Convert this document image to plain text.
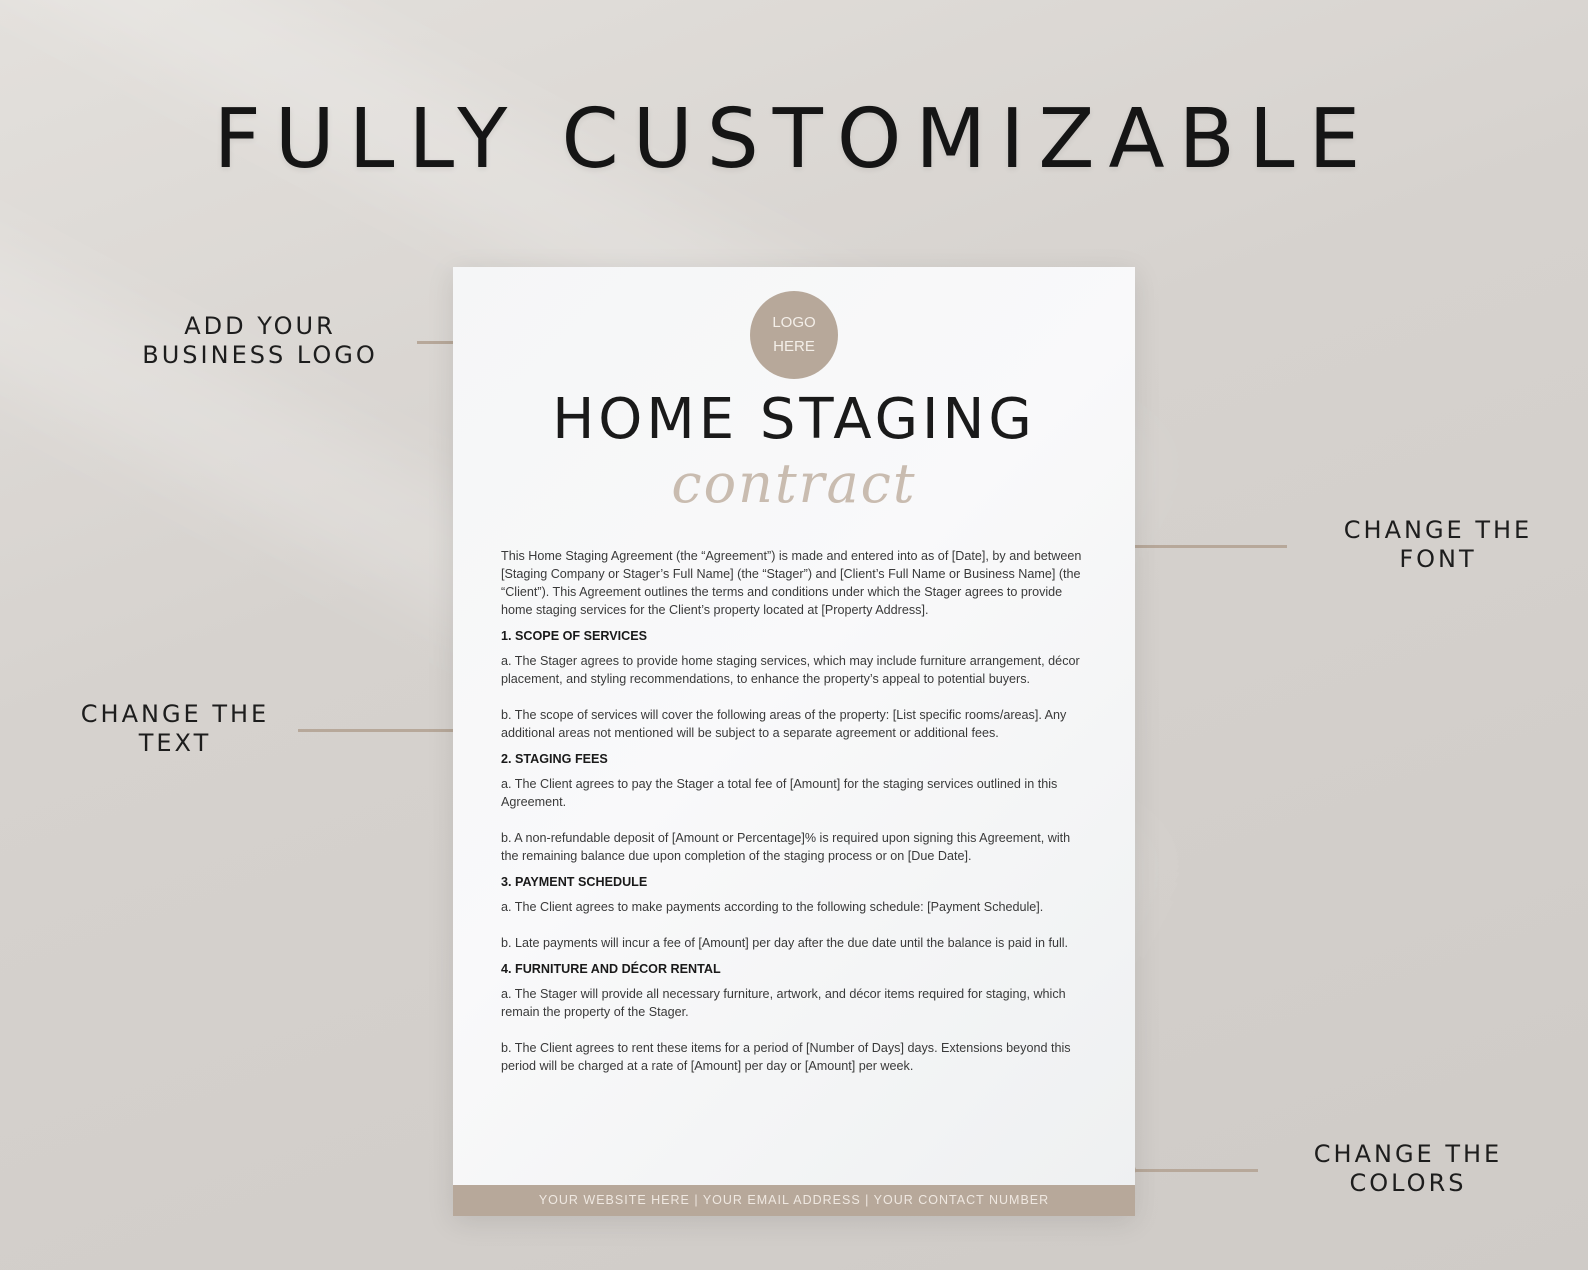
FULLY CUSTOMIZABLE
ADD YOUR
BUSINESS LOGO
CHANGE THE
FONT
CHANGE THE
TEXT
CHANGE THE
COLORS
LOGO
HERE
HOME STAGING
contract

This Home Staging Agreement (the “Agreement”) is made and entered into as of [Date], by and between [Staging Company or Stager’s Full Name] (the “Stager”) and [Client’s Full Name or Business Name] (the “Client”). This Agreement outlines the terms and conditions under which the Stager agrees to provide home staging services for the Client’s property located at [Property Address].

1. SCOPE OF SERVICES

a. The Stager agrees to provide home staging services, which may include furniture arrangement, décor placement, and styling recommendations, to enhance the property’s appeal to potential buyers.

b. The scope of services will cover the following areas of the property: [List specific rooms/areas]. Any additional areas not mentioned will be subject to a separate agreement or additional fees.

2. STAGING FEES

a. The Client agrees to pay the Stager a total fee of [Amount] for the staging services outlined in this Agreement.

b. A non-refundable deposit of [Amount or Percentage]% is required upon signing this Agreement, with the remaining balance due upon completion of the staging process or on [Due Date].

3. PAYMENT SCHEDULE

a. The Client agrees to make payments according to the following schedule: [Payment Schedule].

b. Late payments will incur a fee of [Amount] per day after the due date until the balance is paid in full.

4. FURNITURE AND DÉCOR RENTAL

a. The Stager will provide all necessary furniture, artwork, and décor items required for staging, which remain the property of the Stager.

b. The Client agrees to rent these items for a period of [Number of Days] days. Extensions beyond this period will be charged at a rate of [Amount] per day or [Amount] per week.

YOUR WEBSITE HERE | YOUR EMAIL ADDRESS | YOUR CONTACT NUMBER
